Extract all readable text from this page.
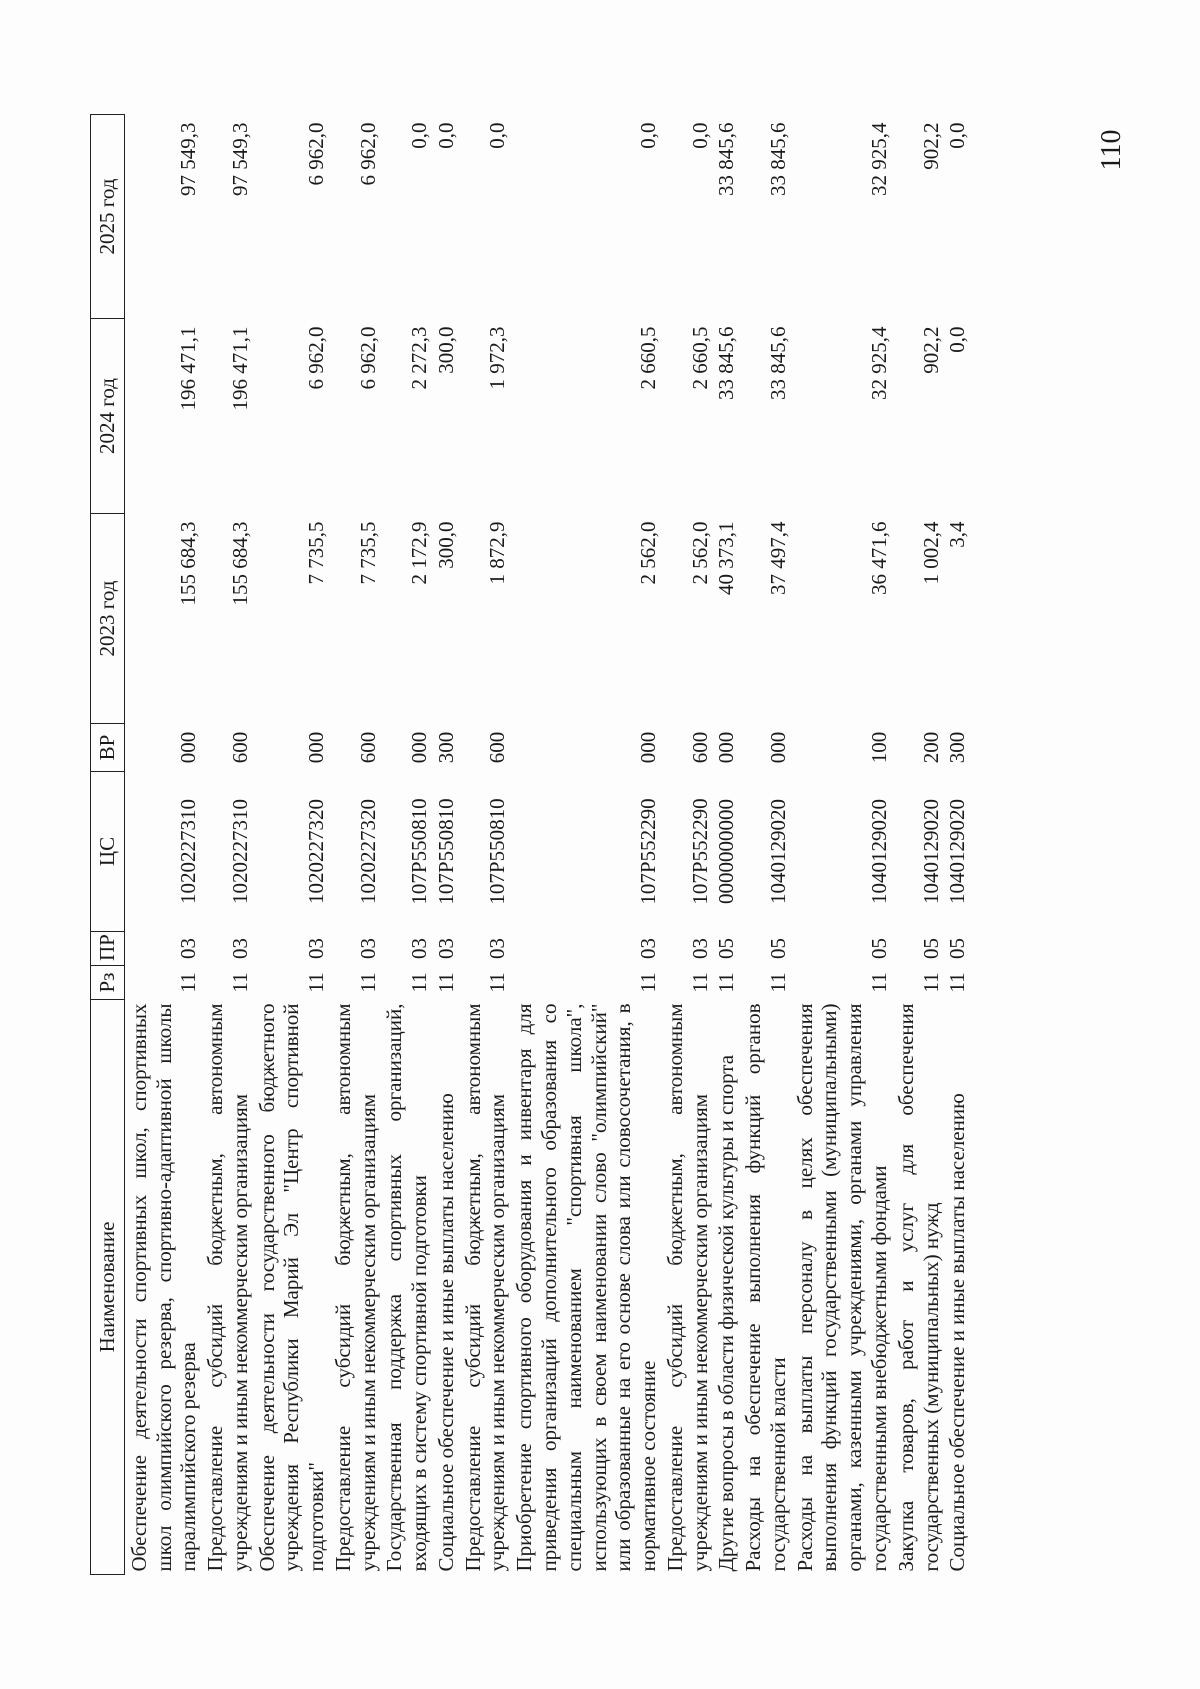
110
Наименование	Рз	ПР	ЦС	ВР	2023 год	2024 год	2025 год
Обеспечение деятельности спортивных школ, спортивных школ олимпийского резерва, спортивно-адаптивной школы паралимпийского резерва	11	03	1020227310	000	155 684,3	196 471,1	97 549,3
Предоставление субсидий бюджетным, автономным учреждениям и иным некоммерческим организациям	11	03	1020227310	600	155 684,3	196 471,1	97 549,3
Обеспечение деятельности государственного бюджетного учреждения Республики Марий Эл "Центр спортивной подготовки"	11	03	1020227320	000	7 735,5	6 962,0	6 962,0
Предоставление субсидий бюджетным, автономным учреждениям и иным некоммерческим организациям	11	03	1020227320	600	7 735,5	6 962,0	6 962,0
Государственная поддержка спортивных организаций, входящих в систему спортивной подготовки	11	03	107P550810	000	2 172,9	2 272,3	0,0
Социальное обеспечение и иные выплаты населению	11	03	107P550810	300	300,0	300,0	0,0
Предоставление субсидий бюджетным, автономным учреждениям и иным некоммерческим организациям	11	03	107P550810	600	1 872,9	1 972,3	0,0
Приобретение спортивного оборудования и инвентаря для приведения организаций дополнительного образования со специальным наименованием "спортивная школа", использующих в своем наименовании слово "олимпийский" или образованные на его основе слова или словосочетания, в нормативное состояние	11	03	107P552290	000	2 562,0	2 660,5	0,0
Предоставление субсидий бюджетным, автономным учреждениям и иным некоммерческим организациям	11	03	107P552290	600	2 562,0	2 660,5	0,0
Другие вопросы в области физической культуры и спорта	11	05	0000000000	000	40 373,1	33 845,6	33 845,6
Расходы на обеспечение выполнения функций органов государственной власти	11	05	1040129020	000	37 497,4	33 845,6	33 845,6
Расходы на выплаты персоналу в целях обеспечения выполнения функций государственными (муниципальными) органами, казенными учреждениями, органами управления государственными внебюджетными фондами	11	05	1040129020	100	36 471,6	32 925,4	32 925,4
Закупка товаров, работ и услуг для обеспечения государственных (муниципальных) нужд	11	05	1040129020	200	1 002,4	902,2	902,2
Социальное обеспечение и иные выплаты населению	11	05	1040129020	300	3,4	0,0	0,0
